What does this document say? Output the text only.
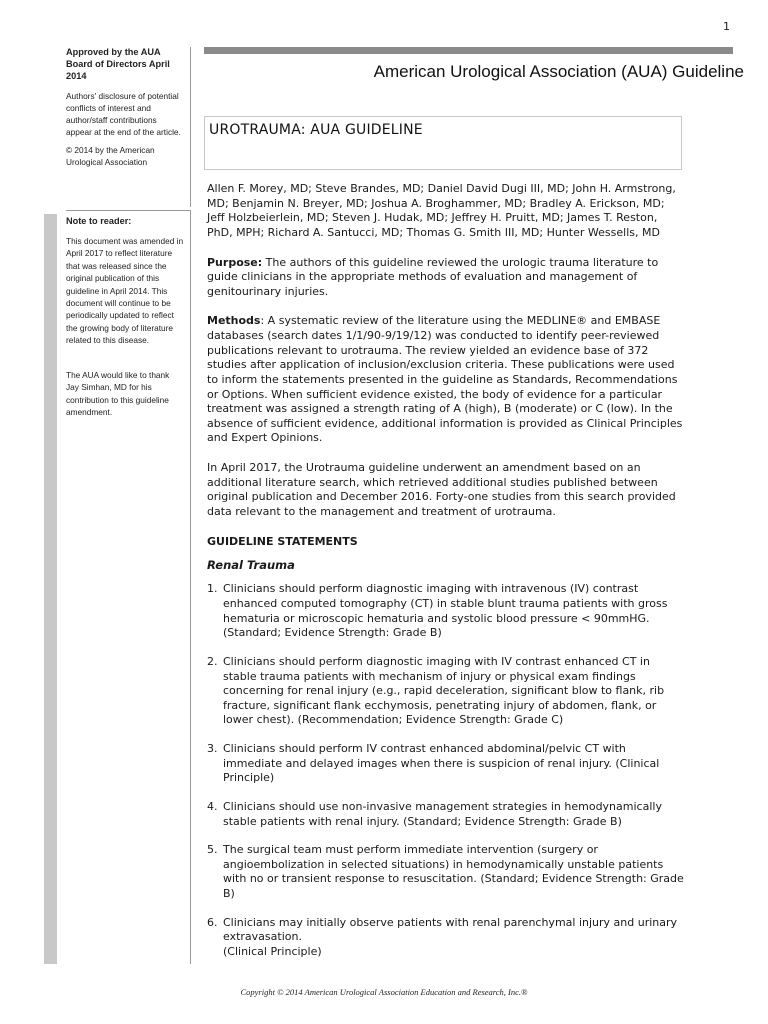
1

Approved by the AUA Board of Directors April 2014

Authors' disclosure of potential conflicts of interest and author/staff contributions appear at the end of the article.

© 2014 by the American Urological Association

Note to reader:

This document was amended in April 2017 to reflect literature that was released since the original publication of this guideline in April 2014. This document will continue to be periodically updated to reflect the growing body of literature related to this disease.

The AUA would like to thank Jay Simhan, MD for his contribution to this guideline amendment.

American Urological Association (AUA) Guideline
UROTRAUMA: AUA GUIDELINE

Allen F. Morey, MD; Steve Brandes, MD; Daniel David Dugi III, MD; John H. Armstrong, MD; Benjamin N. Breyer, MD; Joshua A. Broghammer, MD; Bradley A. Erickson, MD; Jeff Holzbeierlein, MD; Steven J. Hudak, MD; Jeffrey H. Pruitt, MD; James T. Reston, PhD, MPH; Richard A. Santucci, MD; Thomas G. Smith III, MD; Hunter Wessells, MD

Purpose: The authors of this guideline reviewed the urologic trauma literature to guide clinicians in the appropriate methods of evaluation and management of genitourinary injuries.

Methods: A systematic review of the literature using the MEDLINE® and EMBASE databases (search dates 1/1/90-9/19/12) was conducted to identify peer-reviewed publications relevant to urotrauma. The review yielded an evidence base of 372 studies after application of inclusion/exclusion criteria. These publications were used to inform the statements presented in the guideline as Standards, Recommendations or Options. When sufficient evidence existed, the body of evidence for a particular treatment was assigned a strength rating of A (high), B (moderate) or C (low). In the absence of sufficient evidence, additional information is provided as Clinical Principles and Expert Opinions.

In April 2017, the Urotrauma guideline underwent an amendment based on an additional literature search, which retrieved additional studies published between original publication and December 2016. Forty-one studies from this search provided data relevant to the management and treatment of urotrauma.

GUIDELINE STATEMENTS
Renal Trauma
1. Clinicians should perform diagnostic imaging with intravenous (IV) contrast enhanced computed tomography (CT) in stable blunt trauma patients with gross hematuria or microscopic hematuria and systolic blood pressure < 90mmHG. (Standard; Evidence Strength: Grade B)
2. Clinicians should perform diagnostic imaging with IV contrast enhanced CT in stable trauma patients with mechanism of injury or physical exam findings concerning for renal injury (e.g., rapid deceleration, significant blow to flank, rib fracture, significant flank ecchymosis, penetrating injury of abdomen, flank, or lower chest). (Recommendation; Evidence Strength: Grade C)
3. Clinicians should perform IV contrast enhanced abdominal/pelvic CT with immediate and delayed images when there is suspicion of renal injury. (Clinical Principle)
4. Clinicians should use non-invasive management strategies in hemodynamically stable patients with renal injury. (Standard; Evidence Strength: Grade B)
5. The surgical team must perform immediate intervention (surgery or angioembolization in selected situations) in hemodynamically unstable patients with no or transient response to resuscitation. (Standard; Evidence Strength: Grade B)
6. Clinicians may initially observe patients with renal parenchymal injury and urinary extravasation.
(Clinical Principle)
Copyright © 2014 American Urological Association Education and Research, Inc.®
